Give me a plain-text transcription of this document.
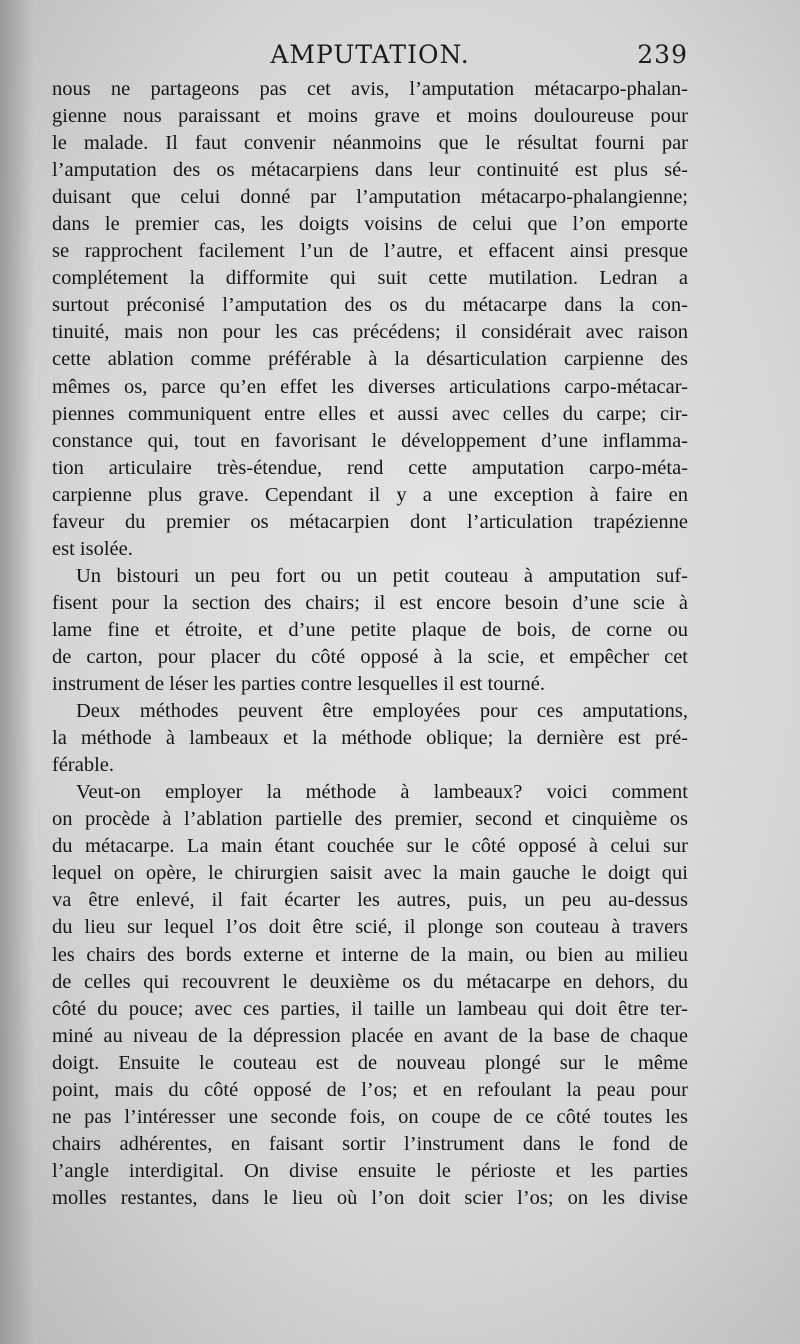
AMPUTATION.	239
nous ne partageons pas cet avis, l’amputation métacarpo-phalan-
gienne nous paraissant et moins grave et moins douloureuse pour
le malade. Il faut convenir néanmoins que le résultat fourni par
l’amputation des os métacarpiens dans leur continuité est plus sé-
duisant que celui donné par l’amputation métacarpo-phalangienne;
dans le premier cas, les doigts voisins de celui que l’on emporte
se rapprochent facilement l’un de l’autre, et effacent ainsi presque
complétement la difformite qui suit cette mutilation. Ledran a
surtout préconisé l’amputation des os du métacarpe dans la con-
tinuité, mais non pour les cas précédens; il considérait avec raison
cette ablation comme préférable à la désarticulation carpienne des
mêmes os, parce qu’en effet les diverses articulations carpo-métacar-
piennes communiquent entre elles et aussi avec celles du carpe; cir-
constance qui, tout en favorisant le développement d’une inflamma-
tion articulaire très-étendue, rend cette amputation carpo-méta-
carpienne plus grave. Cependant il y a une exception à faire en
faveur du premier os métacarpien dont l’articulation trapézienne
est isolée.
Un bistouri un peu fort ou un petit couteau à amputation suf-
fisent pour la section des chairs; il est encore besoin d’une scie à
lame fine et étroite, et d’une petite plaque de bois, de corne ou
de carton, pour placer du côté opposé à la scie, et empêcher cet
instrument de léser les parties contre lesquelles il est tourné.
Deux méthodes peuvent être employées pour ces amputations,
la méthode à lambeaux et la méthode oblique; la dernière est pré-
férable.
Veut-on employer la méthode à lambeaux? voici comment
on procède à l’ablation partielle des premier, second et cinquième os
du métacarpe. La main étant couchée sur le côté opposé à celui sur
lequel on opère, le chirurgien saisit avec la main gauche le doigt qui
va être enlevé, il fait écarter les autres, puis, un peu au-dessus
du lieu sur lequel l’os doit être scié, il plonge son couteau à travers
les chairs des bords externe et interne de la main, ou bien au milieu
de celles qui recouvrent le deuxième os du métacarpe en dehors, du
côté du pouce; avec ces parties, il taille un lambeau qui doit être ter-
miné au niveau de la dépression placée en avant de la base de chaque
doigt. Ensuite le couteau est de nouveau plongé sur le même
point, mais du côté opposé de l’os; et en refoulant la peau pour
ne pas l’intéresser une seconde fois, on coupe de ce côté toutes les
chairs adhérentes, en faisant sortir l’instrument dans le fond de
l’angle interdigital. On divise ensuite le périoste et les parties
molles restantes, dans le lieu où l’on doit scier l’os; on les divise
